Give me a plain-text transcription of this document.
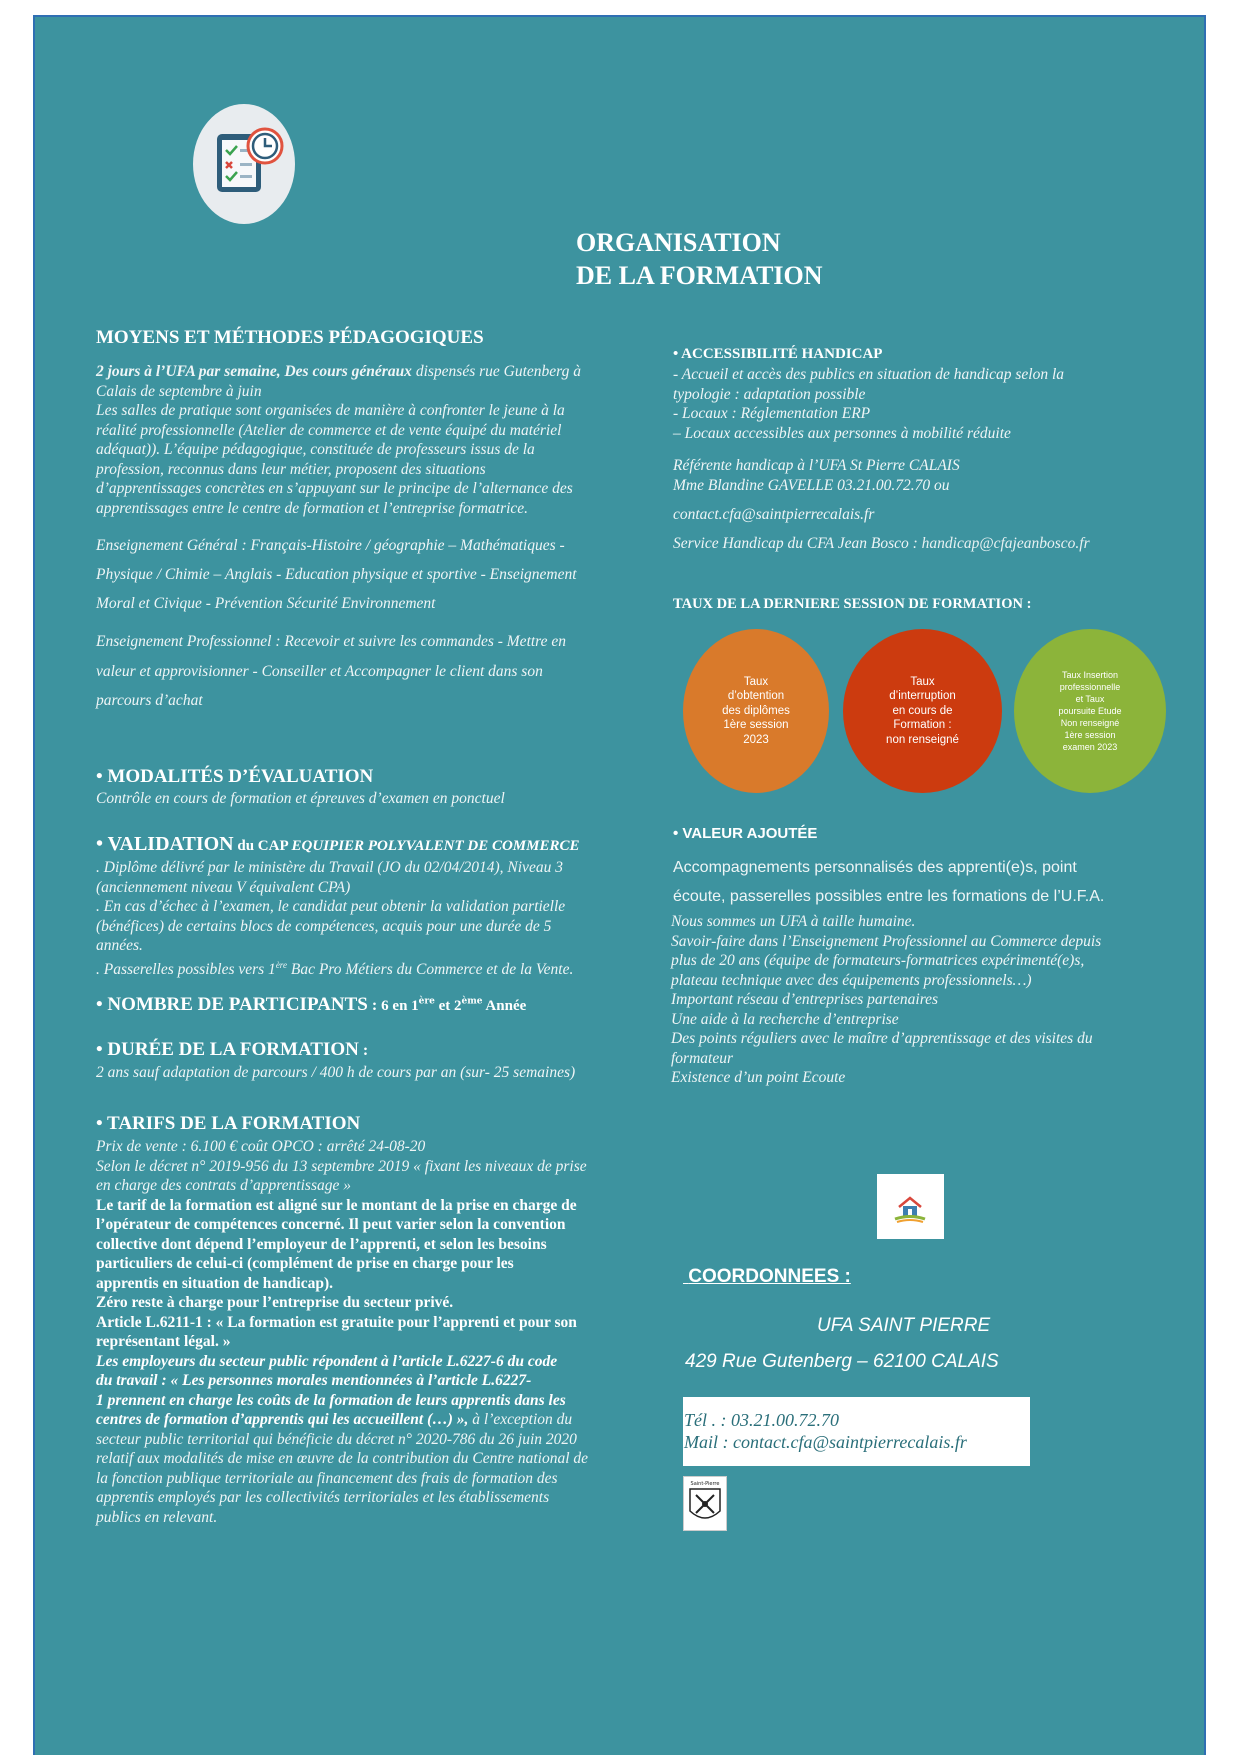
ORGANISATION
DE LA FORMATION
MOYENS ET MÉTHODES PÉDAGOGIQUES
2 jours à l’UFA par semaine, Des cours généraux dispensés rue Gutenberg à
Calais de septembre à juin
Les salles de pratique sont organisées de manière à confronter le jeune à la
réalité professionnelle (Atelier de commerce et de vente équipé du matériel
adéquat)). L’équipe pédagogique, constituée de professeurs issus de la
profession, reconnus dans leur métier, proposent des situations
d’apprentissages concrètes en s’appuyant sur le principe de l’alternance des
apprentissages entre le centre de formation et l’entreprise formatrice.
Enseignement Général : Français-Histoire / géographie – Mathématiques -
Physique / Chimie – Anglais - Education physique et sportive - Enseignement
Moral et Civique - Prévention Sécurité Environnement
Enseignement Professionnel : Recevoir et suivre les commandes - Mettre en
valeur et approvisionner - Conseiller et Accompagner le client dans son
parcours d’achat
• MODALITÉS D’ÉVALUATION
Contrôle en cours de formation et épreuves d’examen en ponctuel
• VALIDATION du CAP EQUIPIER POLYVALENT DE COMMERCE
. Diplôme délivré par le ministère du Travail (JO du 02/04/2014), Niveau 3
(anciennement niveau V équivalent CPA)
. En cas d’échec à l’examen, le candidat peut obtenir la validation partielle
(bénéfices) de certains blocs de compétences, acquis pour une durée de 5
années.
. Passerelles possibles vers 1ère Bac Pro Métiers du Commerce et de la Vente.
• NOMBRE DE PARTICIPANTS : 6 en 1ère et 2ème Année
• DURÉE DE LA FORMATION :
2 ans sauf adaptation de parcours / 400 h de cours par an (sur- 25 semaines)
• TARIFS DE LA FORMATION
Prix de vente : 6.100 € coût OPCO : arrêté 24-08-20
Selon le décret n° 2019-956 du 13 septembre 2019 « fixant les niveaux de prise
en charge des contrats d’apprentissage »
Le tarif de la formation est aligné sur le montant de la prise en charge de
l’opérateur de compétences concerné. Il peut varier selon la convention
collective dont dépend l’employeur de l’apprenti, et selon les besoins
particuliers de celui-ci (complément de prise en charge pour les
apprentis en situation de handicap).
Zéro reste à charge pour l’entreprise du secteur privé.
Article L.6211-1 : « La formation est gratuite pour l’apprenti et pour son
représentant légal. »
Les employeurs du secteur public répondent à l’article L.6227-6 du code
du travail : « Les personnes morales mentionnées à l’article L.6227-
1 prennent en charge les coûts de la formation de leurs apprentis dans les
centres de formation d’apprentis qui les accueillent (…) », à l’exception du
secteur public territorial qui bénéficie du décret n° 2020-786 du 26 juin 2020
relatif aux modalités de mise en œuvre de la contribution du Centre national de
la fonction publique territoriale au financement des frais de formation des
apprentis employés par les collectivités territoriales et les établissements
publics en relevant.
• ACCESSIBILITÉ HANDICAP
- Accueil et accès des publics en situation de handicap selon la
typologie : adaptation possible
- Locaux : Réglementation ERP
– Locaux accessibles aux personnes à mobilité réduite
Référente handicap à l’UFA St Pierre CALAIS
Mme Blandine GAVELLE 03.21.00.72.70 ou
contact.cfa@saintpierrecalais.fr
Service Handicap du CFA Jean Bosco : handicap@cfajeanbosco.fr
TAUX DE LA DERNIERE SESSION DE FORMATION :
Taux
d’obtention
des diplômes
1ère session
2023
Taux
d’interruption
en cours de
Formation :
non renseigné
Taux Insertion
professionnelle
et Taux
poursuite Etude
Non renseigné
1ère session
examen 2023
• VALEUR AJOUTÉE
Accompagnements personnalisés des apprenti(e)s, point
écoute, passerelles possibles entre les formations de l’U.F.A.
Nous sommes un UFA à taille humaine.
Savoir-faire dans l’Enseignement Professionnel au Commerce depuis
plus de 20 ans (équipe de formateurs-formatrices expérimenté(e)s,
plateau technique avec des équipements professionnels…)
Important réseau d’entreprises partenaires
Une aide à la recherche d’entreprise
Des points réguliers avec le maître d’apprentissage et des visites du
formateur
Existence d’un point Ecoute
COORDONNEES :
UFA SAINT PIERRE
429 Rue Gutenberg – 62100 CALAIS
Tél . : 03.21.00.72.70
Mail : contact.cfa@saintpierrecalais.fr
Saint-Pierre
